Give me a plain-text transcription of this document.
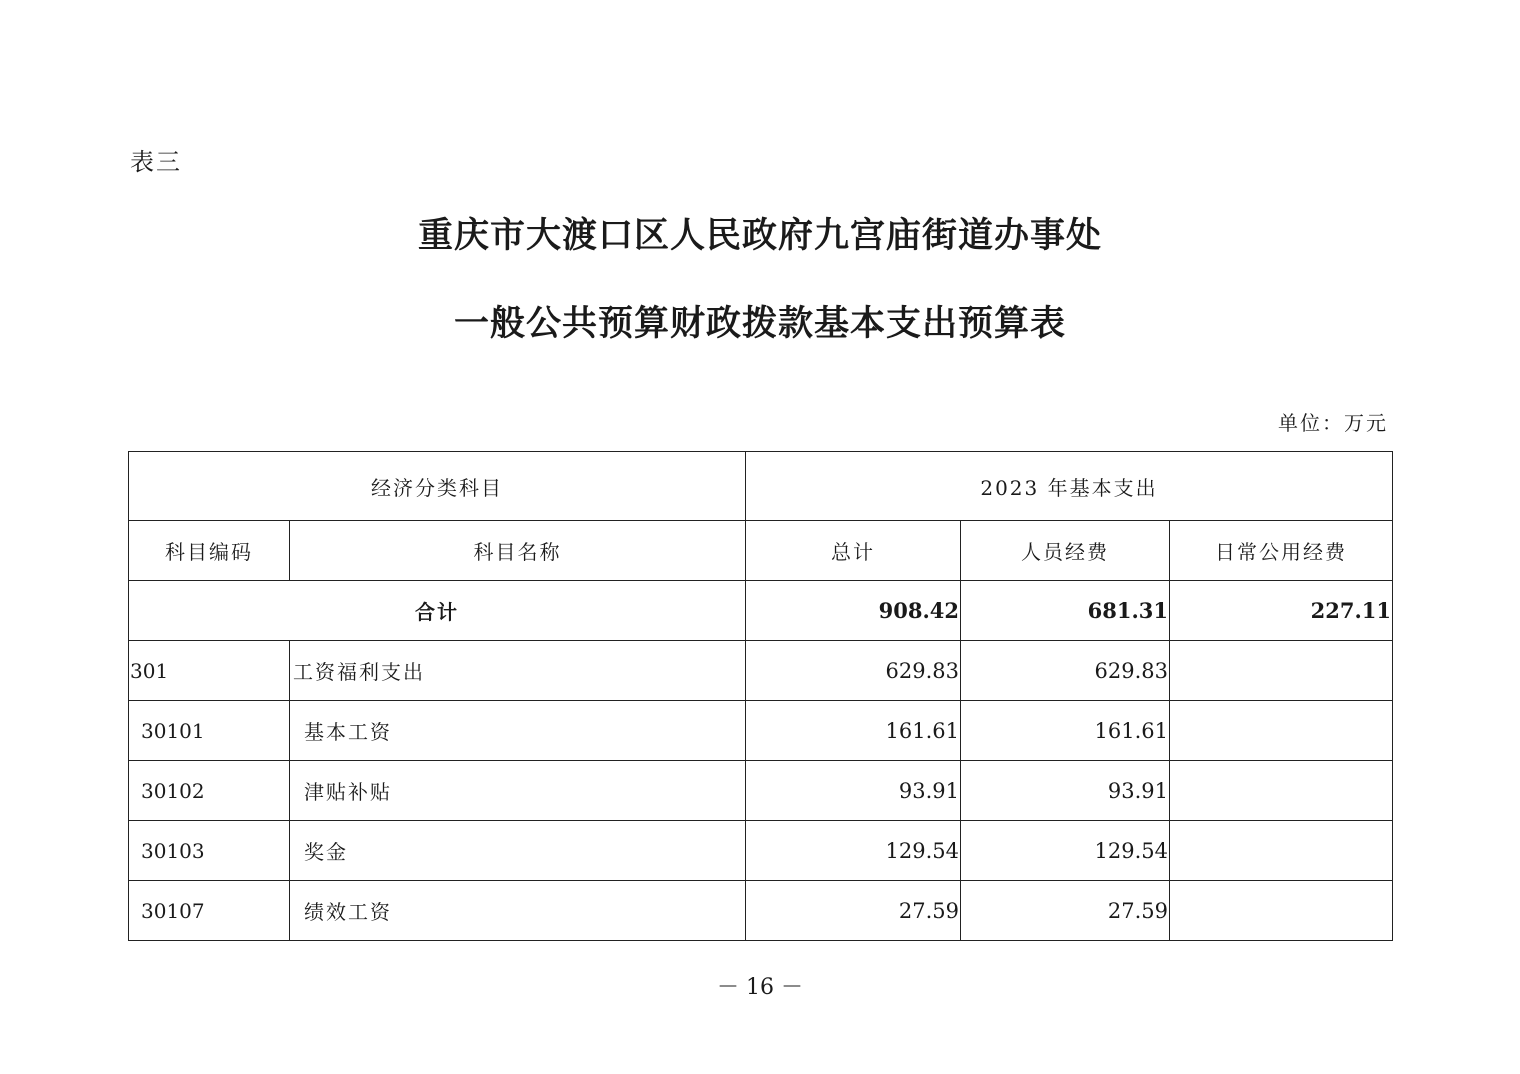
表三
重庆市大渡口区人民政府九宫庙街道办事处
一般公共预算财政拨款基本支出预算表
单位：万元
经济分类科目		2023 年基本支出		
科目编码	科目名称	总计	人员经费	日常公用经费
合计		908.42	681.31	227.11
301	工资福利支出	629.83	629.83	
30101	基本工资	161.61	161.61	
30102	津贴补贴	93.91	93.91	
30103	奖金	129.54	129.54	
30107	绩效工资	27.59	27.59	
－ 16 －
